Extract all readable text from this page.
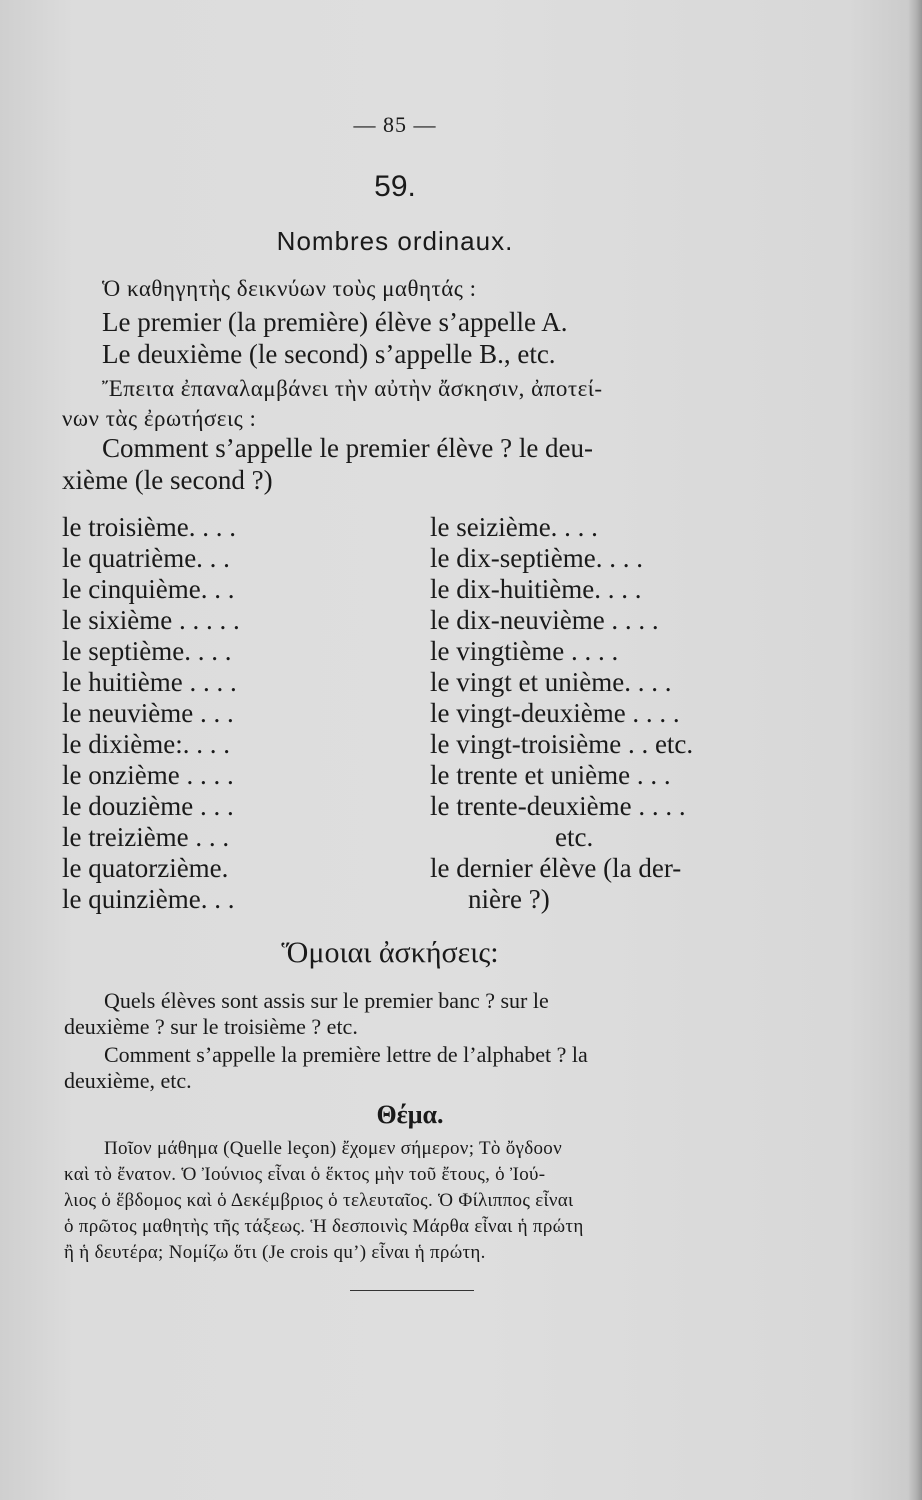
— 85 —
59.
Nombres ordinaux.
Ὁ καθηγητὴς δεικνύων τοὺς μαθητάς :
Le premier (la première) élève s’appelle A.
Le deuxième (le second) s’appelle B., etc.
Ἔπειτα ἐπαναλαμβάνει τὴν αὐτὴν ἄσκησιν, ἀποτεί-
νων τὰς ἐρωτήσεις :
Comment s’appelle le premier élève ? le deu-
xième (le second ?)
le troisième. . . .
le quatrième. . .
le cinquième. . .
le sixième . . . . .
le septième. . . .
le huitième . . . .
le neuvième . . .
le dixième:. . . .
le onzième . . . .
le douzième . . .
le treizième . . .
le quatorzième.
le quinzième. . .
le seizième. . . .
le dix-septième. . . .
le dix-huitième. . . .
le dix-neuvième . . . .
le vingtième . . . .
le vingt et unième. . . .
le vingt-deuxième . . . .
le vingt-troisième . . etc.
le trente et unième . . .
le trente-deuxième . . . .
etc.
le dernier élève (la der-
nière ?)
Ὅμοιαι ἀσκήσεις:
Quels élèves sont assis sur le premier banc ? sur le
deuxième ? sur le troisième ? etc.
Comment s’appelle la première lettre de l’alphabet ? la
deuxième, etc.
Θέμα.
Ποῖον μάθημα (Quelle leçon) ἔχομεν σήμερον; Τὸ ὄγδοον
καὶ τὸ ἔνατον. Ὁ Ἰούνιος εἶναι ὁ ἕκτος μὴν τοῦ ἔτους, ὁ Ἰού-
λιος ὁ ἕβδομος καὶ ὁ Δεκέμβριος ὁ τελευταῖος. Ὁ Φίλιππος εἶναι
ὁ πρῶτος μαθητὴς τῆς τάξεως. Ἡ δεσποινὶς Μάρθα εἶναι ἡ πρώτη
ἢ ἡ δευτέρα; Νομίζω ὅτι (Je crois qu’) εἶναι ἡ πρώτη.
